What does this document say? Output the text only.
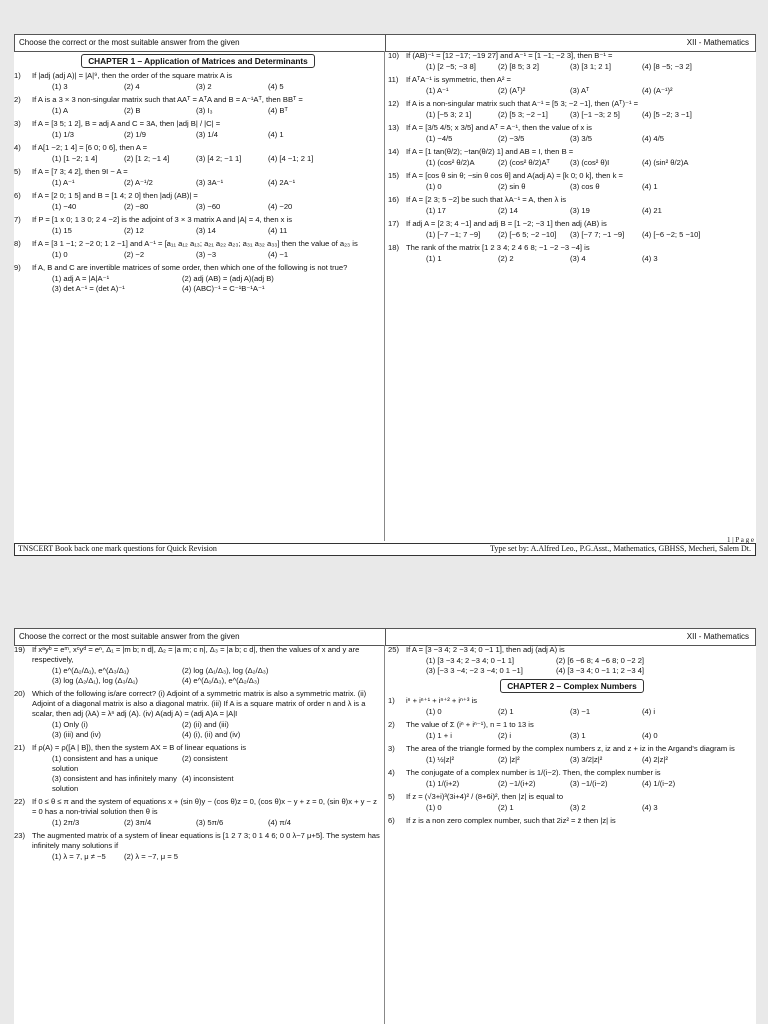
Choose the correct or the most suitable answer from the given	XII - Mathematics
CHAPTER 1 – Application of Matrices and Determinants
1) If |adj (adj A)| = |A|⁹, then the order of the square matrix A is
(1) 3	(2) 4	(3) 2	(4) 5
2) If A is a 3 × 3 non-singular matrix such that AAᵀ = AᵀA and B = A⁻¹Aᵀ, then BBᵀ =
(1) A	(2) B	(3) I₃	(4) Bᵀ
3) If A = [3 5; 1 2], B = adj A and C = 3A, then |adj B| / |C| =
(1) 1/3	(2) 1/9	(3) 1/4	(4) 1
4) If A[1 −2; 1 4] = [6 0; 0 6], then A =
(1) [1 −2; 1 4]	(2) [1 2; −1 4]	(3) [4 2; −1 1]	(4) [4 −1; 2 1]
5) If A = [7 3; 4 2], then 9I − A =
(1) A⁻¹	(2) A⁻¹/2	(3) 3A⁻¹	(4) 2A⁻¹
6) If A = [2 0; 1 5] and B = [1 4; 2 0] then |adj (AB)| =
(1) −40	(2) −80	(3) −60	(4) −20
7) If P = [1 x 0; 1 3 0; 2 4 −2] is the adjoint of 3 × 3 matrix A and |A| = 4, then x is
(1) 15	(2) 12	(3) 14	(4) 11
8) If A = [3 1 −1; 2 −2 0; 1 2 −1] and A⁻¹ = [a₁₁ a₁₂ a₁₃; a₂₁ a₂₂ a₂₃; a₃₁ a₃₂ a₃₃] then the value of a₂₃ is
(1) 0	(2) −2	(3) −3	(4) −1
9) If A, B and C are invertible matrices of some order, then which one of the following is not true?
(1) adj A = |A|A⁻¹	(2) adj (AB) = (adj A)(adj B)
(3) det A⁻¹ = (det A)⁻¹	(4) (ABC)⁻¹ = C⁻¹B⁻¹A⁻¹
10) If (AB)⁻¹ = [12 −17; −19 27] and A⁻¹ = [1 −1; −2 3], then B⁻¹ =
(1) [2 −5; −3 8]	(2) [8 5; 3 2]	(3) [3 1; 2 1]	(4) [8 −5; −3 2]
11) If AᵀA⁻¹ is symmetric, then A² =
(1) A⁻¹	(2) (Aᵀ)²	(3) Aᵀ	(4) (A⁻¹)²
12) If A is a non-singular matrix such that A⁻¹ = [5 3; −2 −1], then (Aᵀ)⁻¹ =
(1) [−5 3; 2 1]	(2) [5 3; −2 −1]	(3) [−1 −3; 2 5]	(4) [5 −2; 3 −1]
13) If A = [3/5 4/5; x 3/5] and Aᵀ = A⁻¹, then the value of x is
(1) −4/5	(2) −3/5	(3) 3/5	(4) 4/5
14) If A = [1 tan(θ/2); −tan(θ/2) 1] and AB = I, then B =
(1) (cos² θ/2)A	(2) (cos² θ/2)Aᵀ	(3) (cos² θ)I	(4) (sin² θ/2)A
15) If A = [cos θ sin θ; −sin θ cos θ] and A(adj A) = [k 0; 0 k], then k =
(1) 0	(2) sin θ	(3) cos θ	(4) 1
16) If A = [2 3; 5 −2] be such that λA⁻¹ = A, then λ is
(1) 17	(2) 14	(3) 19	(4) 21
17) If adj A = [2 3; 4 −1] and adj B = [1 −2; −3 1] then adj (AB) is
(1) [−7 −1; 7 −9]	(2) [−6 5; −2 −10]	(3) [−7 7; −1 −9]	(4) [−6 −2; 5 −10]
18) The rank of the matrix [1 2 3 4; 2 4 6 8; −1 −2 −3 −4] is
(1) 1	(2) 2	(3) 4	(4) 3
1 | P a g e
TNSCERT Book back one mark questions for Quick Revision	Type set by: A.Alfred Leo., P.G.Asst., Mathematics, GBHSS, Mecheri, Salem Dt.
Choose the correct or the most suitable answer from the given	XII - Mathematics
19) If xᵃyᵇ = eᵐ, xᶜyᵈ = eⁿ, Δ₁ = |m b; n d|, Δ₂ = |a m; c n|, Δ₃ = |a b; c d|, then the values of x and y are respectively,
(1) e^(Δ₂/Δ₁), e^(Δ₃/Δ₁)	(2) log (Δ₁/Δ₃), log (Δ₂/Δ₃)
(3) log (Δ₂/Δ₁), log (Δ₃/Δ₁)	(4) e^(Δ₁/Δ₃), e^(Δ₂/Δ₃)
20) Which of the following is/are correct? (i) Adjoint of a symmetric matrix is also a symmetric matrix. (ii) Adjoint of a diagonal matrix is also a diagonal matrix. (iii) If A is a square matrix of order n and λ is a scalar, then adj (λA) = λⁿ adj (A). (iv) A(adj A) = (adj A)A = |A|I
(1) Only (i)	(2) (ii) and (iii)
(3) (iii) and (iv)	(4) (i), (ii) and (iv)
21) If ρ(A) = ρ([A | B]), then the system AX = B of linear equations is
(1) consistent and has a unique solution
(2) consistent
(3) consistent and has infinitely many solution
(4) inconsistent
22) If 0 ≤ θ ≤ π and the system of equations x + (sin θ)y − (cos θ)z = 0, (cos θ)x − y + z = 0, (sin θ)x + y − z = 0 has a non-trivial solution then θ is
(1) 2π/3	(2) 3π/4	(3) 5π/6	(4) π/4
23) The augmented matrix of a system of linear equations is [1 2 7 3; 0 1 4 6; 0 0 λ−7 μ+5]. The system has infinitely many solutions if
(1) λ = 7, μ ≠ −5	(2) λ = −7, μ = 5
25) If A = [3 −3 4; 2 −3 4; 0 −1 1], then adj (adj A) is
(1) [3 −3 4; 2 −3 4; 0 −1 1]	(2) [6 −6 8; 4 −6 8; 0 −2 2]
(3) [−3 3 −4; −2 3 −4; 0 1 −1]	(4) [3 −3 4; 0 −1 1; 2 −3 4]
CHAPTER 2 – Complex Numbers
1) iⁿ + iⁿ⁺¹ + iⁿ⁺² + iⁿ⁺³ is
(1) 0	(2) 1	(3) −1	(4) i
2) The value of Σ (iⁿ + iⁿ⁻¹), n = 1 to 13 is
(1) 1 + i	(2) i	(3) 1	(4) 0
3) The area of the triangle formed by the complex numbers z, iz and z + iz in the Argand's diagram is
(1) ½|z|²	(2) |z|²	(3) 3/2|z|²	(4) 2|z|²
4) The conjugate of a complex number is 1/(i−2). Then, the complex number is
(1) 1/(i+2)	(2) −1/(i+2)	(3) −1/(i−2)	(4) 1/(i−2)
5) If z = (√3+i)³(3i+4)² / (8+6i)², then |z| is equal to
(1) 0	(2) 1	(3) 2	(4) 3
6) If z is a non zero complex number, such that 2iz² = z̄ then |z| is
